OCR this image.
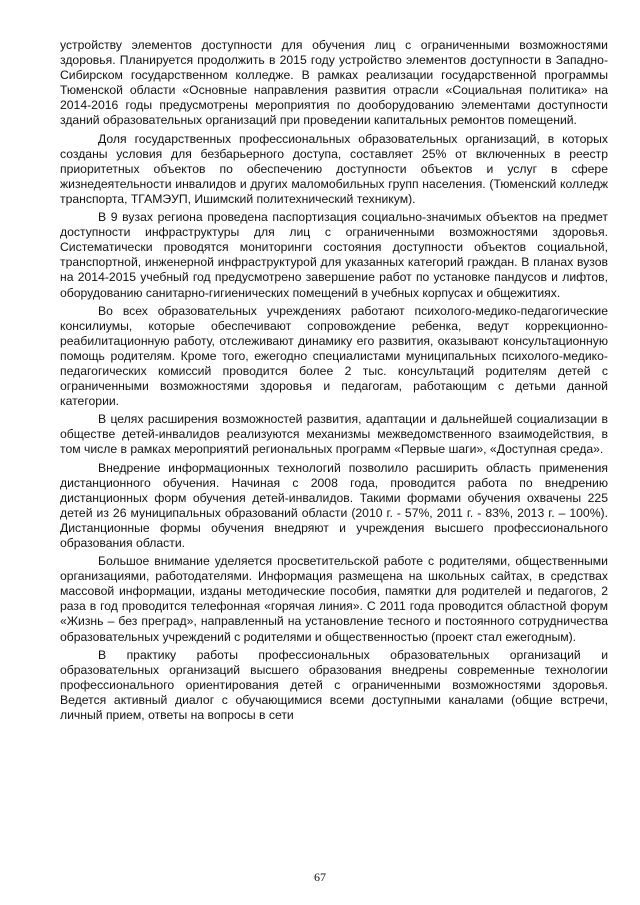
устройству элементов доступности для обучения лиц с ограниченными возможностями здоровья. Планируется продолжить в 2015 году устройство элементов доступности в Западно-Сибирском государственном колледже. В рамках реализации государственной программы Тюменской области «Основные направления развития отрасли «Социальная политика» на 2014-2016 годы предусмотрены мероприятия по дооборудованию элементами доступности зданий образовательных организаций при проведении капитальных ремонтов помещений.

Доля государственных профессиональных образовательных организаций, в которых созданы условия для безбарьерного доступа, составляет 25% от включенных в реестр приоритетных объектов по обеспечению доступности объектов и услуг в сфере жизнедеятельности инвалидов и других маломобильных групп населения. (Тюменский колледж транспорта, ТГАМЭУП, Ишимский политехнический техникум).

В 9 вузах региона проведена паспортизация социально-значимых объектов на предмет доступности инфраструктуры для лиц с ограниченными возможностями здоровья. Систематически проводятся мониторинги состояния доступности объектов социальной, транспортной, инженерной инфраструктурой для указанных категорий граждан. В планах вузов на 2014-2015 учебный год предусмотрено завершение работ по установке пандусов и лифтов, оборудованию санитарно-гигиенических помещений в учебных корпусах и общежитиях.

Во всех образовательных учреждениях работают психолого-медико-педагогические консилиумы, которые обеспечивают сопровождение ребенка, ведут коррекционно-реабилитационную работу, отслеживают динамику его развития, оказывают консультационную помощь родителям. Кроме того, ежегодно специалистами муниципальных психолого-медико-педагогических комиссий проводится более 2 тыс. консультаций родителям детей с ограниченными возможностями здоровья и педагогам, работающим с детьми данной категории.

В целях расширения возможностей развития, адаптации и дальнейшей социализации в обществе детей-инвалидов реализуются механизмы межведомственного взаимодействия, в том числе в рамках мероприятий региональных программ «Первые шаги», «Доступная среда».

Внедрение информационных технологий позволило расширить область применения дистанционного обучения. Начиная с 2008 года, проводится работа по внедрению дистанционных форм обучения детей-инвалидов. Такими формами обучения охвачены 225 детей из 26 муниципальных образований области (2010 г. - 57%, 2011 г. - 83%, 2013 г. – 100%). Дистанционные формы обучения внедряют и учреждения высшего профессионального образования области.

Большое внимание уделяется просветительской работе с родителями, общественными организациями, работодателями. Информация размещена на школьных сайтах, в средствах массовой информации, изданы методические пособия, памятки для родителей и педагогов, 2 раза в год проводится телефонная «горячая линия». С 2011 года проводится областной форум «Жизнь – без преград», направленный на установление тесного и постоянного сотрудничества образовательных учреждений с родителями и общественностью (проект стал ежегодным).

В практику работы профессиональных образовательных организаций и образовательных организаций высшего образования внедрены современные технологии профессионального ориентирования детей с ограниченными возможностями здоровья. Ведется активный диалог с обучающимися всеми доступными каналами (общие встречи, личный прием, ответы на вопросы в сети

67
